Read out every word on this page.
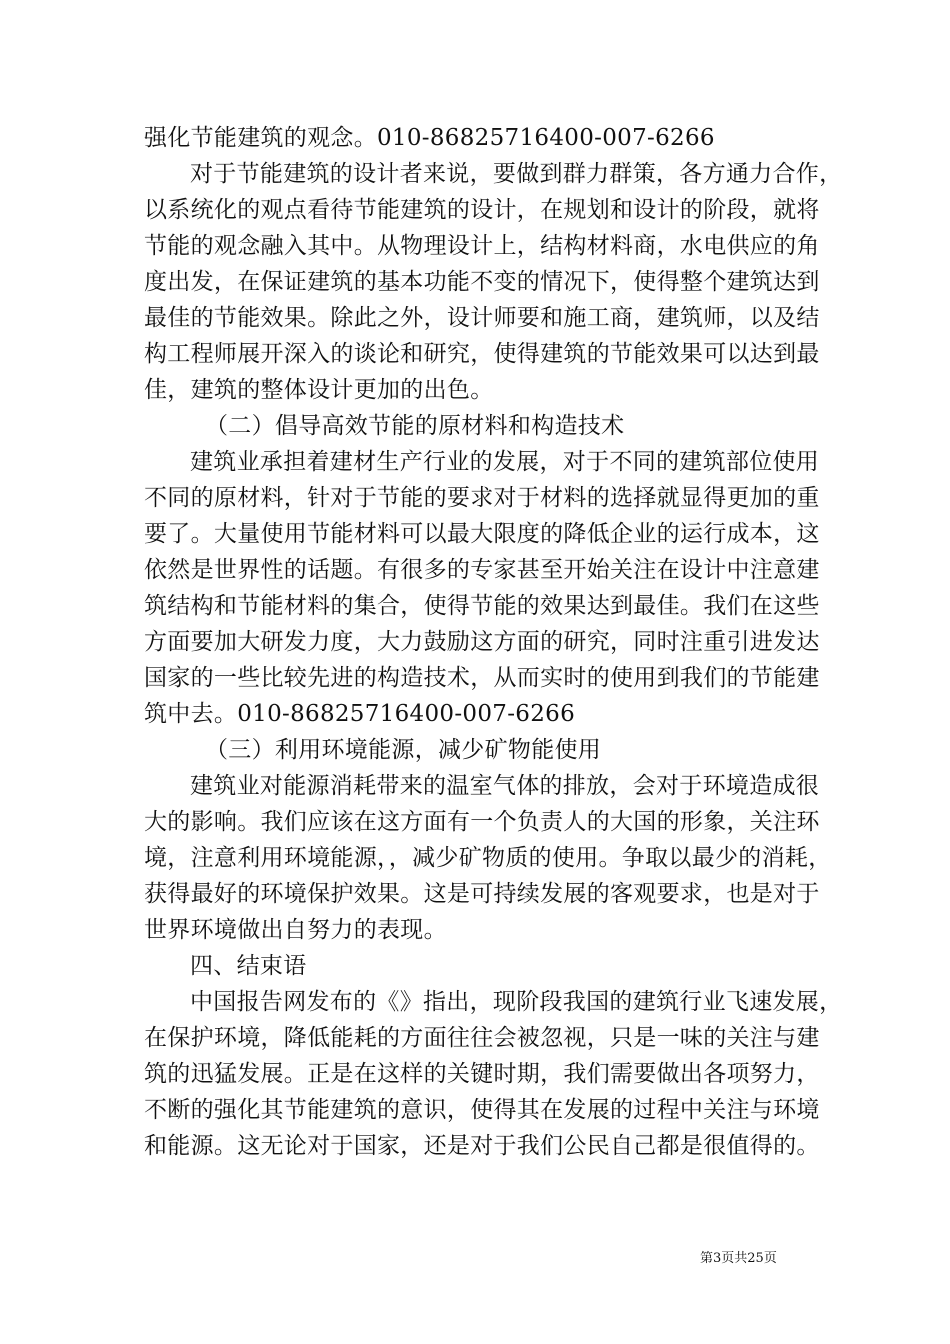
强化节能建筑的观念。010-86825716400-007-6266
对于节能建筑的设计者来说，要做到群力群策，各方通力合作，
以系统化的观点看待节能建筑的设计，在规划和设计的阶段，就将
节能的观念融入其中。从物理设计上，结构材料商，水电供应的角
度出发，在保证建筑的基本功能不变的情况下，使得整个建筑达到
最佳的节能效果。除此之外，设计师要和施工商，建筑师，以及结
构工程师展开深入的谈论和研究，使得建筑的节能效果可以达到最
佳，建筑的整体设计更加的出色。
（二）倡导高效节能的原材料和构造技术
建筑业承担着建材生产行业的发展，对于不同的建筑部位使用
不同的原材料，针对于节能的要求对于材料的选择就显得更加的重
要了。大量使用节能材料可以最大限度的降低企业的运行成本，这
依然是世界性的话题。有很多的专家甚至开始关注在设计中注意建
筑结构和节能材料的集合，使得节能的效果达到最佳。我们在这些
方面要加大研发力度，大力鼓励这方面的研究，同时注重引进发达
国家的一些比较先进的构造技术，从而实时的使用到我们的节能建
筑中去。010-86825716400-007-6266
（三）利用环境能源，减少矿物能使用
建筑业对能源消耗带来的温室气体的排放，会对于环境造成很
大的影响。我们应该在这方面有一个负责人的大国的形象，关注环
境，注意利用环境能源，，减少矿物质的使用。争取以最少的消耗，
获得最好的环境保护效果。这是可持续发展的客观要求，也是对于
世界环境做出自努力的表现。
四、结束语
中国报告网发布的《》指出，现阶段我国的建筑行业飞速发展，
在保护环境，降低能耗的方面往往会被忽视，只是一味的关注与建
筑的迅猛发展。正是在这样的关键时期，我们需要做出各项努力，
不断的强化其节能建筑的意识，使得其在发展的过程中关注与环境
和能源。这无论对于国家，还是对于我们公民自己都是很值得的。
第3页共25页
